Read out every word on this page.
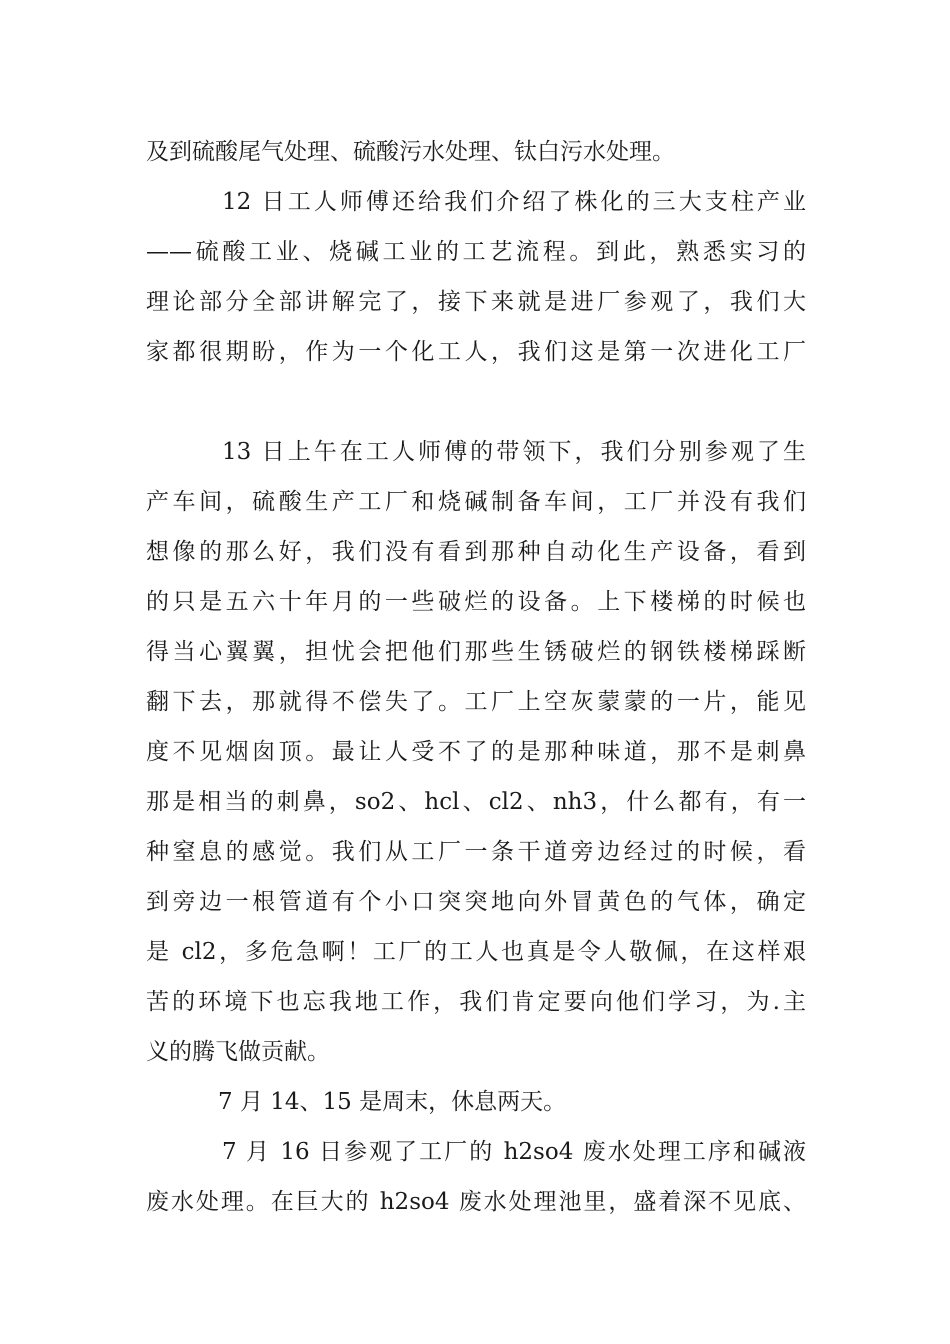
及到硫酸尾气处理、硫酸污水处理、钛白污水处理。
12 日工人师傅还给我们介绍了株化的三大支柱产业
——硫酸工业、烧碱工业的工艺流程。到此，熟悉实习的
理论部分全部讲解完了，接下来就是进厂参观了，我们大
家都很期盼，作为一个化工人，我们这是第一次进化工厂
13 日上午在工人师傅的带领下，我们分别参观了生
产车间，硫酸生产工厂和烧碱制备车间，工厂并没有我们
想像的那么好，我们没有看到那种自动化生产设备，看到
的只是五六十年月的一些破烂的设备。上下楼梯的时候也
得当心翼翼，担忧会把他们那些生锈破烂的钢铁楼梯踩断
翻下去，那就得不偿失了。工厂上空灰蒙蒙的一片，能见
度不见烟囱顶。最让人受不了的是那种味道，那不是刺鼻
那是相当的刺鼻，so2、hcl、cl2、nh3，什么都有，有一
种窒息的感觉。我们从工厂一条干道旁边经过的时候，看
到旁边一根管道有个小口突突地向外冒黄色的气体，确定
是 cl2，多危急啊！工厂的工人也真是令人敬佩，在这样艰
苦的环境下也忘我地工作，我们肯定要向他们学习，为.主
义的腾飞做贡献。
7 月 14、15 是周末，休息两天。
7 月 16 日参观了工厂的 h2so4 废水处理工序和碱液
废水处理。在巨大的 h2so4 废水处理池里，盛着深不见底、
